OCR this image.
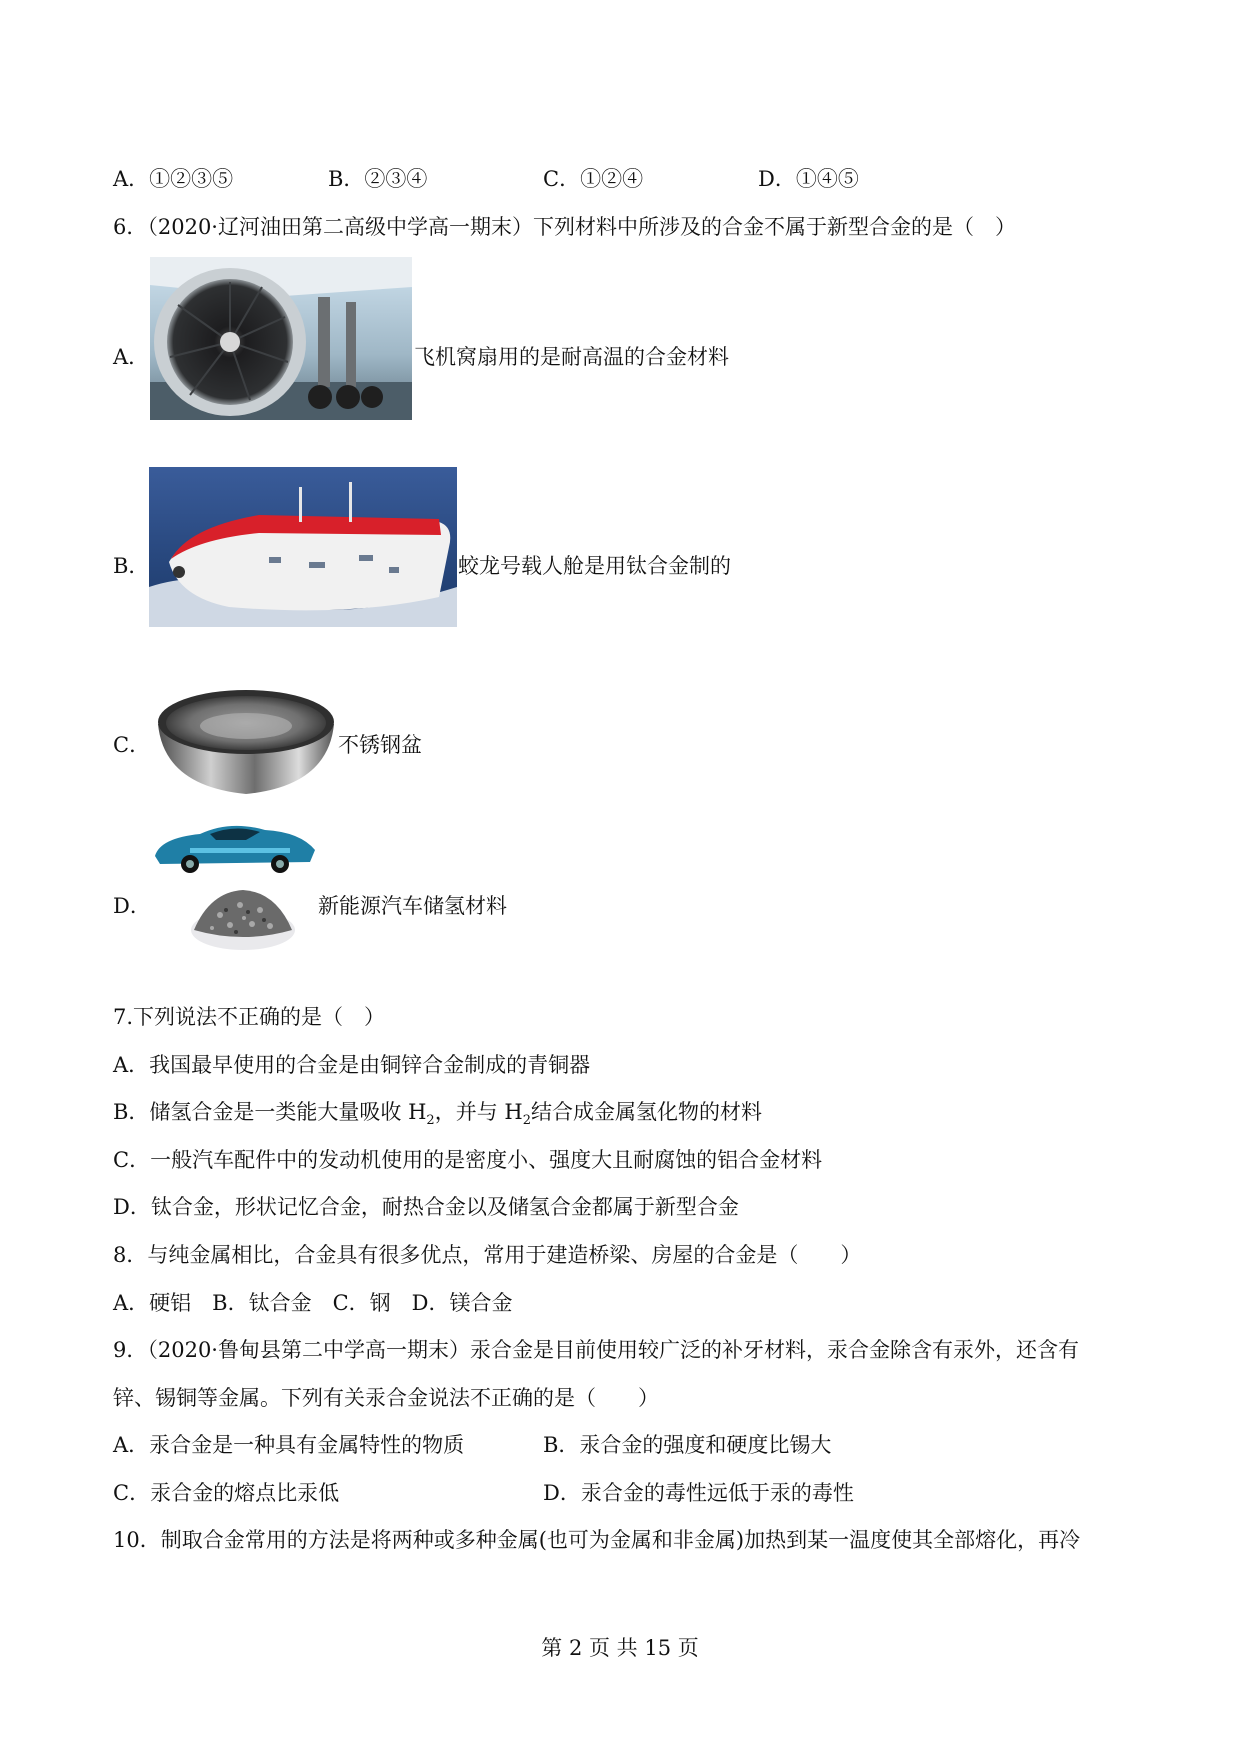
A．①②③⑤	B．②③④	C．①②④	D．①④⑤
6．（2020·辽河油田第二高级中学高一期末）下列材料中所涉及的合金不属于新型合金的是（　）
A．	飞机窝扇用的是耐高温的合金材料
B．	蛟龙号载人舱是用钛合金制的
C．	不锈钢盆
D．	新能源汽车储氢材料
7.下列说法不正确的是（　）
A．我国最早使用的合金是由铜锌合金制成的青铜器
B．储氢合金是一类能大量吸收 $H_2$，并与 $H_2$结合成金属氢化物的材料
C．一般汽车配件中的发动机使用的是密度小、强度大且耐腐蚀的铝合金材料
D．钛合金，形状记忆合金，耐热合金以及储氢合金都属于新型合金
8．与纯金属相比，合金具有很多优点，常用于建造桥梁、房屋的合金是（　　）
A．硬铝　B．钛合金　C．钢　D．镁合金
9．（2020·鲁甸县第二中学高一期末）汞合金是目前使用较广泛的补牙材料，汞合金除含有汞外，还含有
锌、锡铜等金属。下列有关汞合金说法不正确的是（　　）
A．汞合金是一种具有金属特性的物质	B．汞合金的强度和硬度比锡大
C．汞合金的熔点比汞低	D．汞合金的毒性远低于汞的毒性
10．制取合金常用的方法是将两种或多种金属(也可为金属和非金属)加热到某一温度使其全部熔化，再冷
第 2 页 共 15 页
